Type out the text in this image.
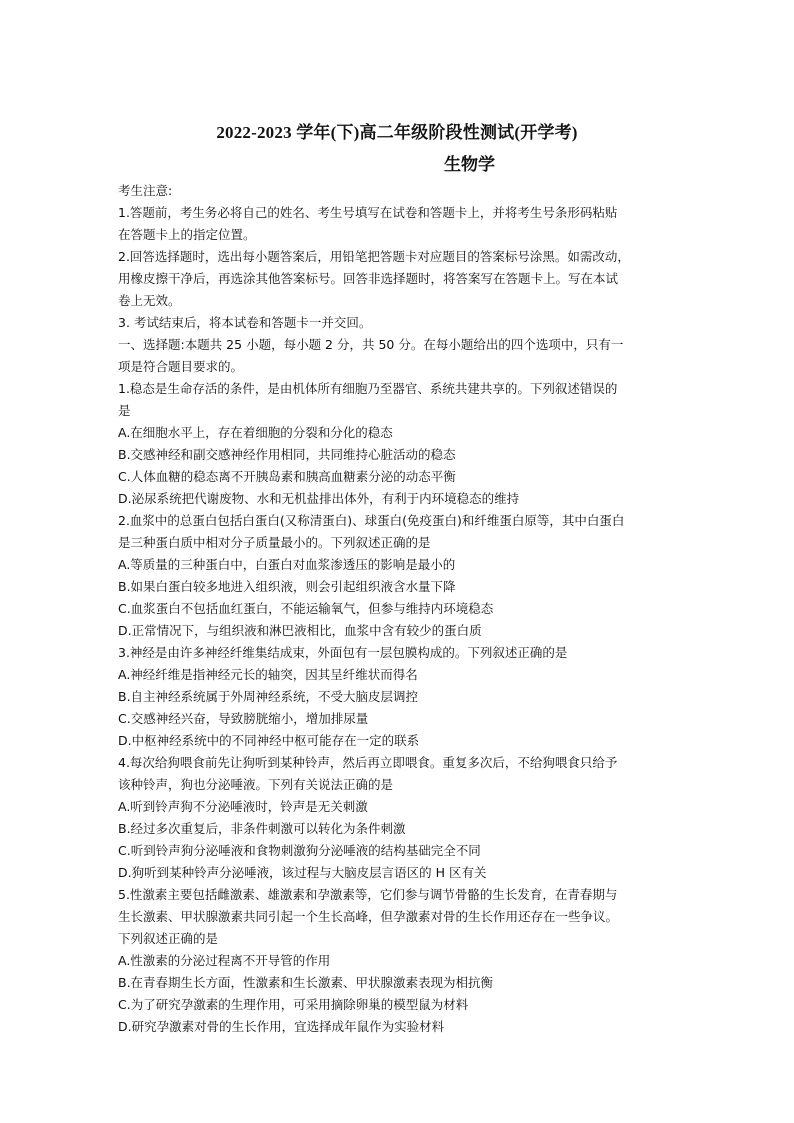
2022-2023 学年(下)高二年级阶段性测试(开学考)
生物学

考生注意:

1.答题前，考生务必将自己的姓名、考生号填写在试卷和答题卡上，并将考生号条形码粘贴

在答题卡上的指定位置。

2.回答选择题时，选出每小题答案后，用铅笔把答题卡对应题目的答案标号涂黑。如需改动，

用橡皮擦干净后，再选涂其他答案标号。回答非选择题时，将答案写在答题卡上。写在本试

卷上无效。

3. 考试结束后，将本试卷和答题卡一并交回。

一、选择题:本题共 25 小题，每小题 2 分，共 50 分。在每小题给出的四个选项中，只有一

项是符合题目要求的。

1.稳态是生命存活的条件，是由机体所有细胞乃至器官、系统共建共享的。下列叙述错误的

是

A.在细胞水平上，存在着细胞的分裂和分化的稳态

B.交感神经和副交感神经作用相同，共同维持心脏活动的稳态

C.人体血糖的稳态离不开胰岛素和胰高血糖素分泌的动态平衡

D.泌尿系统把代谢废物、水和无机盐排出体外，有利于内环境稳态的维持

2.血浆中的总蛋白包括白蛋白(又称清蛋白)、球蛋白(免疫蛋白)和纤维蛋白原等，其中白蛋白

是三种蛋白质中相对分子质量最小的。下列叙述正确的是

A.等质量的三种蛋白中，白蛋白对血浆渗透压的影响是最小的

B.如果白蛋白较多地进入组织液，则会引起组织液含水量下降

C.血浆蛋白不包括血红蛋白，不能运输氧气，但参与维持内环境稳态

D.正常情况下，与组织液和淋巴液相比，血浆中含有较少的蛋白质

3.神经是由许多神经纤维集结成束，外面包有一层包膜构成的。下列叙述正确的是

A.神经纤维是指神经元长的轴突，因其呈纤维状而得名

B.自主神经系统属于外周神经系统，不受大脑皮层调控

C.交感神经兴奋，导致膀胱缩小，增加排尿量

D.中枢神经系统中的不同神经中枢可能存在一定的联系

4.每次给狗喂食前先让狗听到某种铃声，然后再立即喂食。重复多次后，不给狗喂食只给予

该种铃声，狗也分泌唾液。下列有关说法正确的是

A.听到铃声狗不分泌唾液时，铃声是无关刺激

B.经过多次重复后，非条件刺激可以转化为条件刺激

C.听到铃声狗分泌唾液和食物刺激狗分泌唾液的结构基础完全不同

D.狗听到某种铃声分泌唾液，该过程与大脑皮层言语区的 H 区有关

5.性激素主要包括雌激素、雄激素和孕激素等，它们参与调节骨骼的生长发育，在青春期与

生长激素、甲状腺激素共同引起一个生长高峰，但孕激素对骨的生长作用还存在一些争议。

下列叙述正确的是

A.性激素的分泌过程离不开导管的作用

B.在青春期生长方面，性激素和生长激素、甲状腺激素表现为相抗衡

C.为了研究孕激素的生理作用，可采用摘除卵巢的模型鼠为材料

D.研究孕激素对骨的生长作用，宜选择成年鼠作为实验材料
